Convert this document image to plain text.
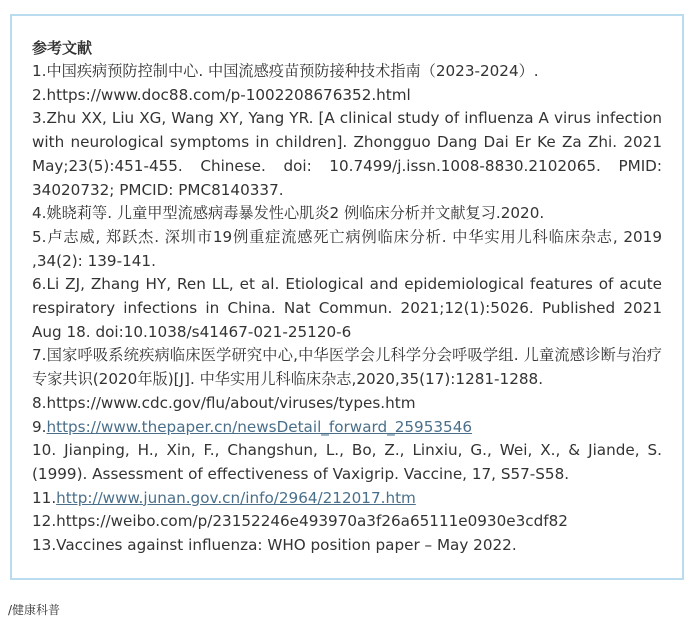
参考文献
1.中国疾病预防控制中心. 中国流感疫苗预防接种技术指南（2023-2024）.
2.https://www.doc88.com/p-1002208676352.html
3.Zhu XX, Liu XG, Wang XY, Yang YR. [A clinical study of influenza A virus infection with neurological symptoms in children]. Zhongguo Dang Dai Er Ke Za Zhi. 2021 May;23(5):451-455. Chinese. doi: 10.7499/j.issn.1008-8830.2102065. PMID: 34020732; PMCID: PMC8140337.
4.姚晓莉等. 儿童甲型流感病毒暴发性心肌炎2 例临床分析并文献复习.2020.
5.卢志威, 郑跃杰. 深圳市19例重症流感死亡病例临床分析. 中华实用儿科临床杂志, 2019 ,34(2): 139-141.
6.Li ZJ, Zhang HY, Ren LL, et al. Etiological and epidemiological features of acute respiratory infections in China. Nat Commun. 2021;12(1):5026. Published 2021 Aug 18. doi:10.1038/s41467-021-25120-6
7.国家呼吸系统疾病临床医学研究中心,中华医学会儿科学分会呼吸学组. 儿童流感诊断与治疗专家共识(2020年版)[J]. 中华实用儿科临床杂志,2020,35(17):1281-1288.
8.https://www.cdc.gov/flu/about/viruses/types.htm
9.https://www.thepaper.cn/newsDetail_forward_25953546
10. Jianping, H., Xin, F., Changshun, L., Bo, Z., Linxiu, G., Wei, X., & Jiande, S. (1999). Assessment of effectiveness of Vaxigrip. Vaccine, 17, S57-S58.
11.http://www.junan.gov.cn/info/2964/212017.htm
12.https://weibo.com/p/23152246e493970a3f26a65111e0930e3cdf82
13.Vaccines against influenza: WHO position paper – May 2022.
/健康科普
